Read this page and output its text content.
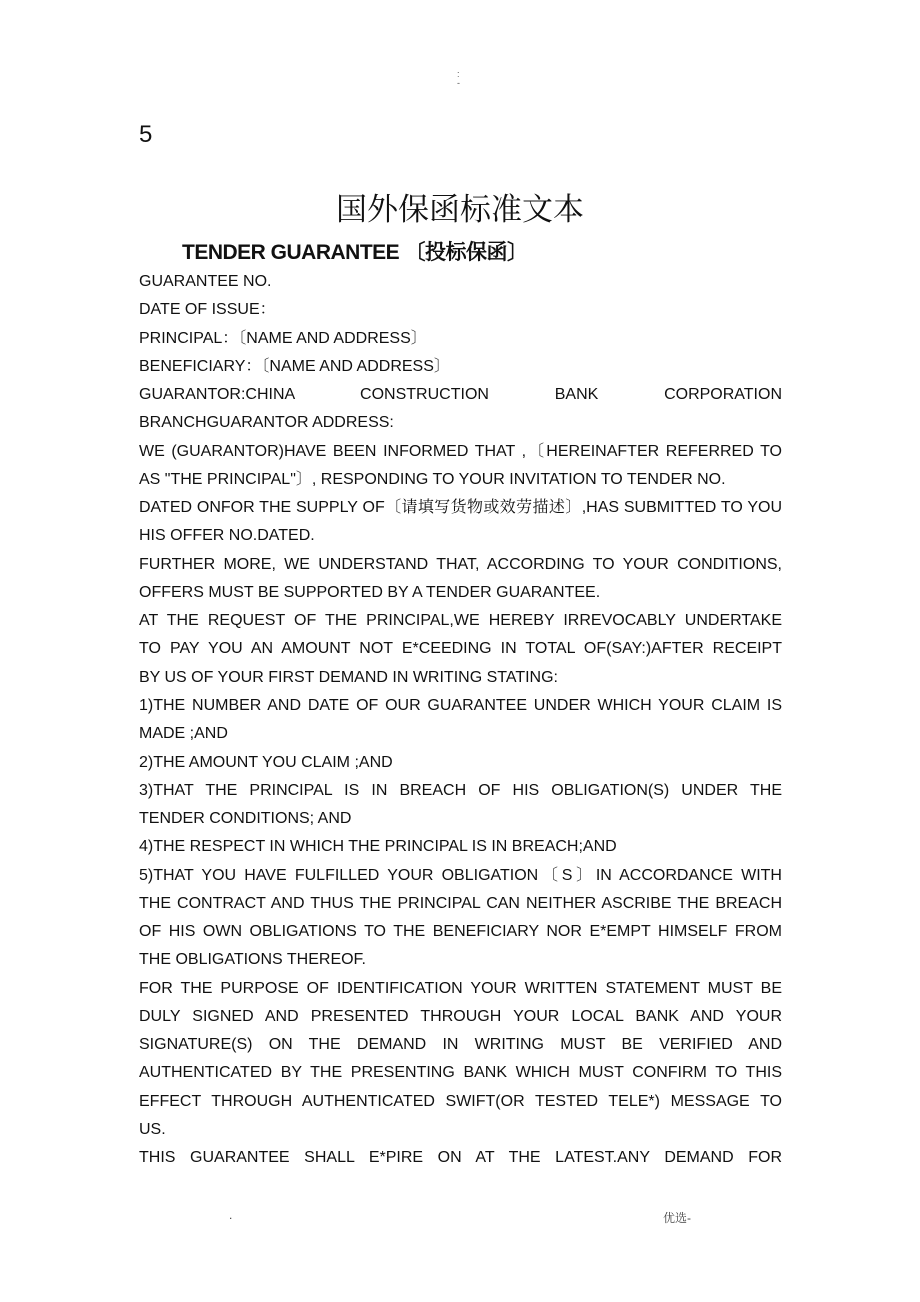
:
-
5
国外保函标准文本
TENDER GUARANTEE 〔投标保函〕
GUARANTEE NO.
DATE OF ISSUE：
PRINCIPAL：〔NAME AND ADDRESS〕
BENEFICIARY：〔NAME AND ADDRESS〕
GUARANTOR:CHINA CONSTRUCTION BANK CORPORATION
BRANCHGUARANTOR ADDRESS:
WE (GUARANTOR)HAVE BEEN INFORMED THAT ,〔HEREINAFTER REFERRED TO
AS "THE PRINCIPAL"〕, RESPONDING TO YOUR INVITATION TO TENDER NO.
DATED ONFOR THE SUPPLY OF〔请填写货物或效劳描述〕,HAS SUBMITTED TO YOU
HIS OFFER NO.DATED.
FURTHER MORE, WE UNDERSTAND THAT, ACCORDING TO YOUR CONDITIONS,
OFFERS MUST BE SUPPORTED BY A TENDER GUARANTEE.
AT THE REQUEST OF THE PRINCIPAL,WE HEREBY IRREVOCABLY UNDERTAKE
TO PAY YOU AN AMOUNT NOT E*CEEDING IN TOTAL OF(SAY:)AFTER RECEIPT
BY US OF YOUR FIRST DEMAND IN WRITING STATING:
1)THE NUMBER AND DATE OF OUR GUARANTEE UNDER WHICH YOUR CLAIM IS
MADE ;AND
2)THE AMOUNT YOU CLAIM ;AND
3)THAT THE PRINCIPAL IS IN BREACH OF HIS OBLIGATION(S) UNDER THE
TENDER CONDITIONS; AND
4)THE RESPECT IN WHICH THE PRINCIPAL IS IN BREACH;AND
5)THAT YOU HAVE FULFILLED YOUR OBLIGATION〔S〕IN ACCORDANCE WITH
THE CONTRACT AND THUS THE PRINCIPAL CAN NEITHER ASCRIBE THE BREACH
OF HIS OWN OBLIGATIONS TO THE BENEFICIARY NOR E*EMPT HIMSELF FROM
THE OBLIGATIONS THEREOF.
FOR THE PURPOSE OF IDENTIFICATION YOUR WRITTEN STATEMENT MUST BE
DULY SIGNED AND PRESENTED THROUGH YOUR LOCAL BANK AND YOUR
SIGNATURE(S) ON THE DEMAND IN WRITING MUST BE VERIFIED AND
AUTHENTICATED BY THE PRESENTING BANK WHICH MUST CONFIRM TO THIS
EFFECT THROUGH AUTHENTICATED SWIFT(OR TESTED TELE*) MESSAGE TO
US.
THIS GUARANTEE SHALL E*PIRE ON AT THE LATEST.ANY DEMAND FOR
.	优选-
